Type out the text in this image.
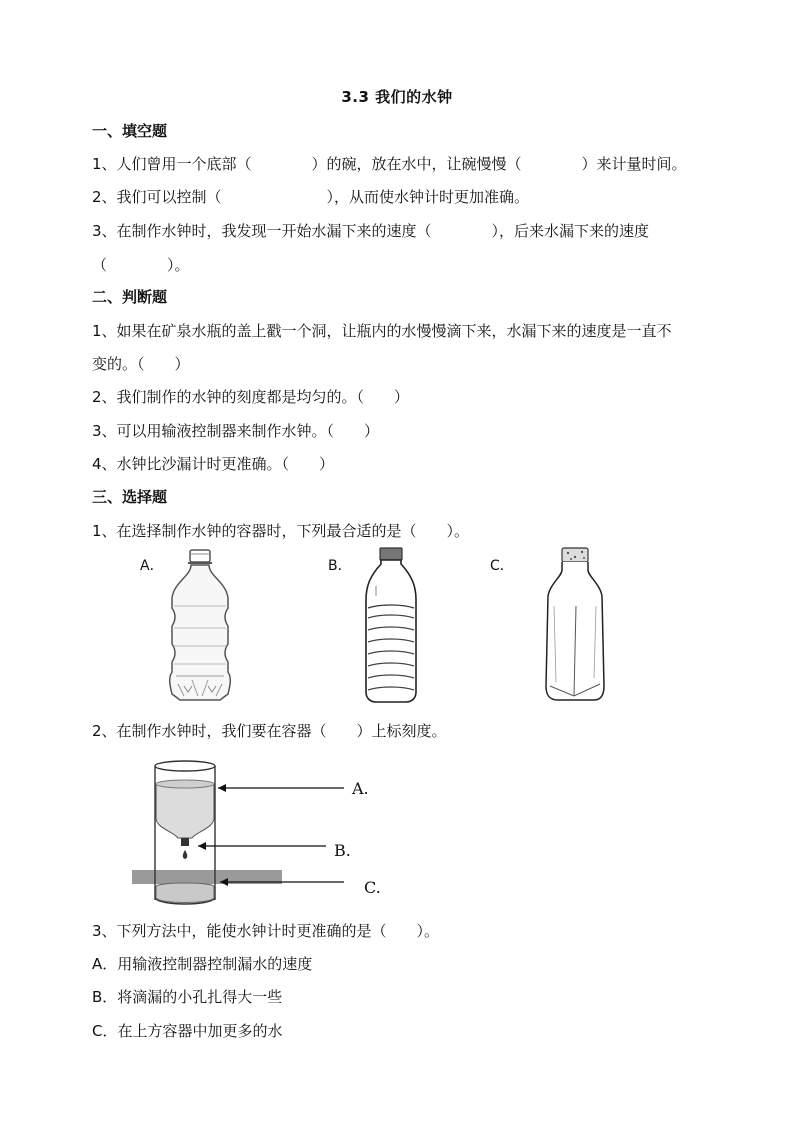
3.3 我们的水钟
一、填空题
1、人们曾用一个底部（　　　　）的碗，放在水中，让碗慢慢（　　　　）来计量时间。
2、我们可以控制（　　　　　　　），从而使水钟计时更加准确。
3、在制作水钟时，我发现一开始水漏下来的速度（　　　　），后来水漏下来的速度
（　　　　）。
二、判断题
1、如果在矿泉水瓶的盖上戳一个洞，让瓶内的水慢慢滴下来，水漏下来的速度是一直不
变的。（　　）
2、我们制作的水钟的刻度都是均匀的。（　　）
3、可以用输液控制器来制作水钟。（　　）
4、水钟比沙漏计时更准确。（　　）
三、选择题
1、在选择制作水钟的容器时，下列最合适的是（　　）。
A．	B．	C．
2、在制作水钟时，我们要在容器（　　）上标刻度。
A.
B.
C.
3、下列方法中，能使水钟计时更准确的是（　　）。
A．用输液控制器控制漏水的速度
B．将滴漏的小孔扎得大一些
C．在上方容器中加更多的水
